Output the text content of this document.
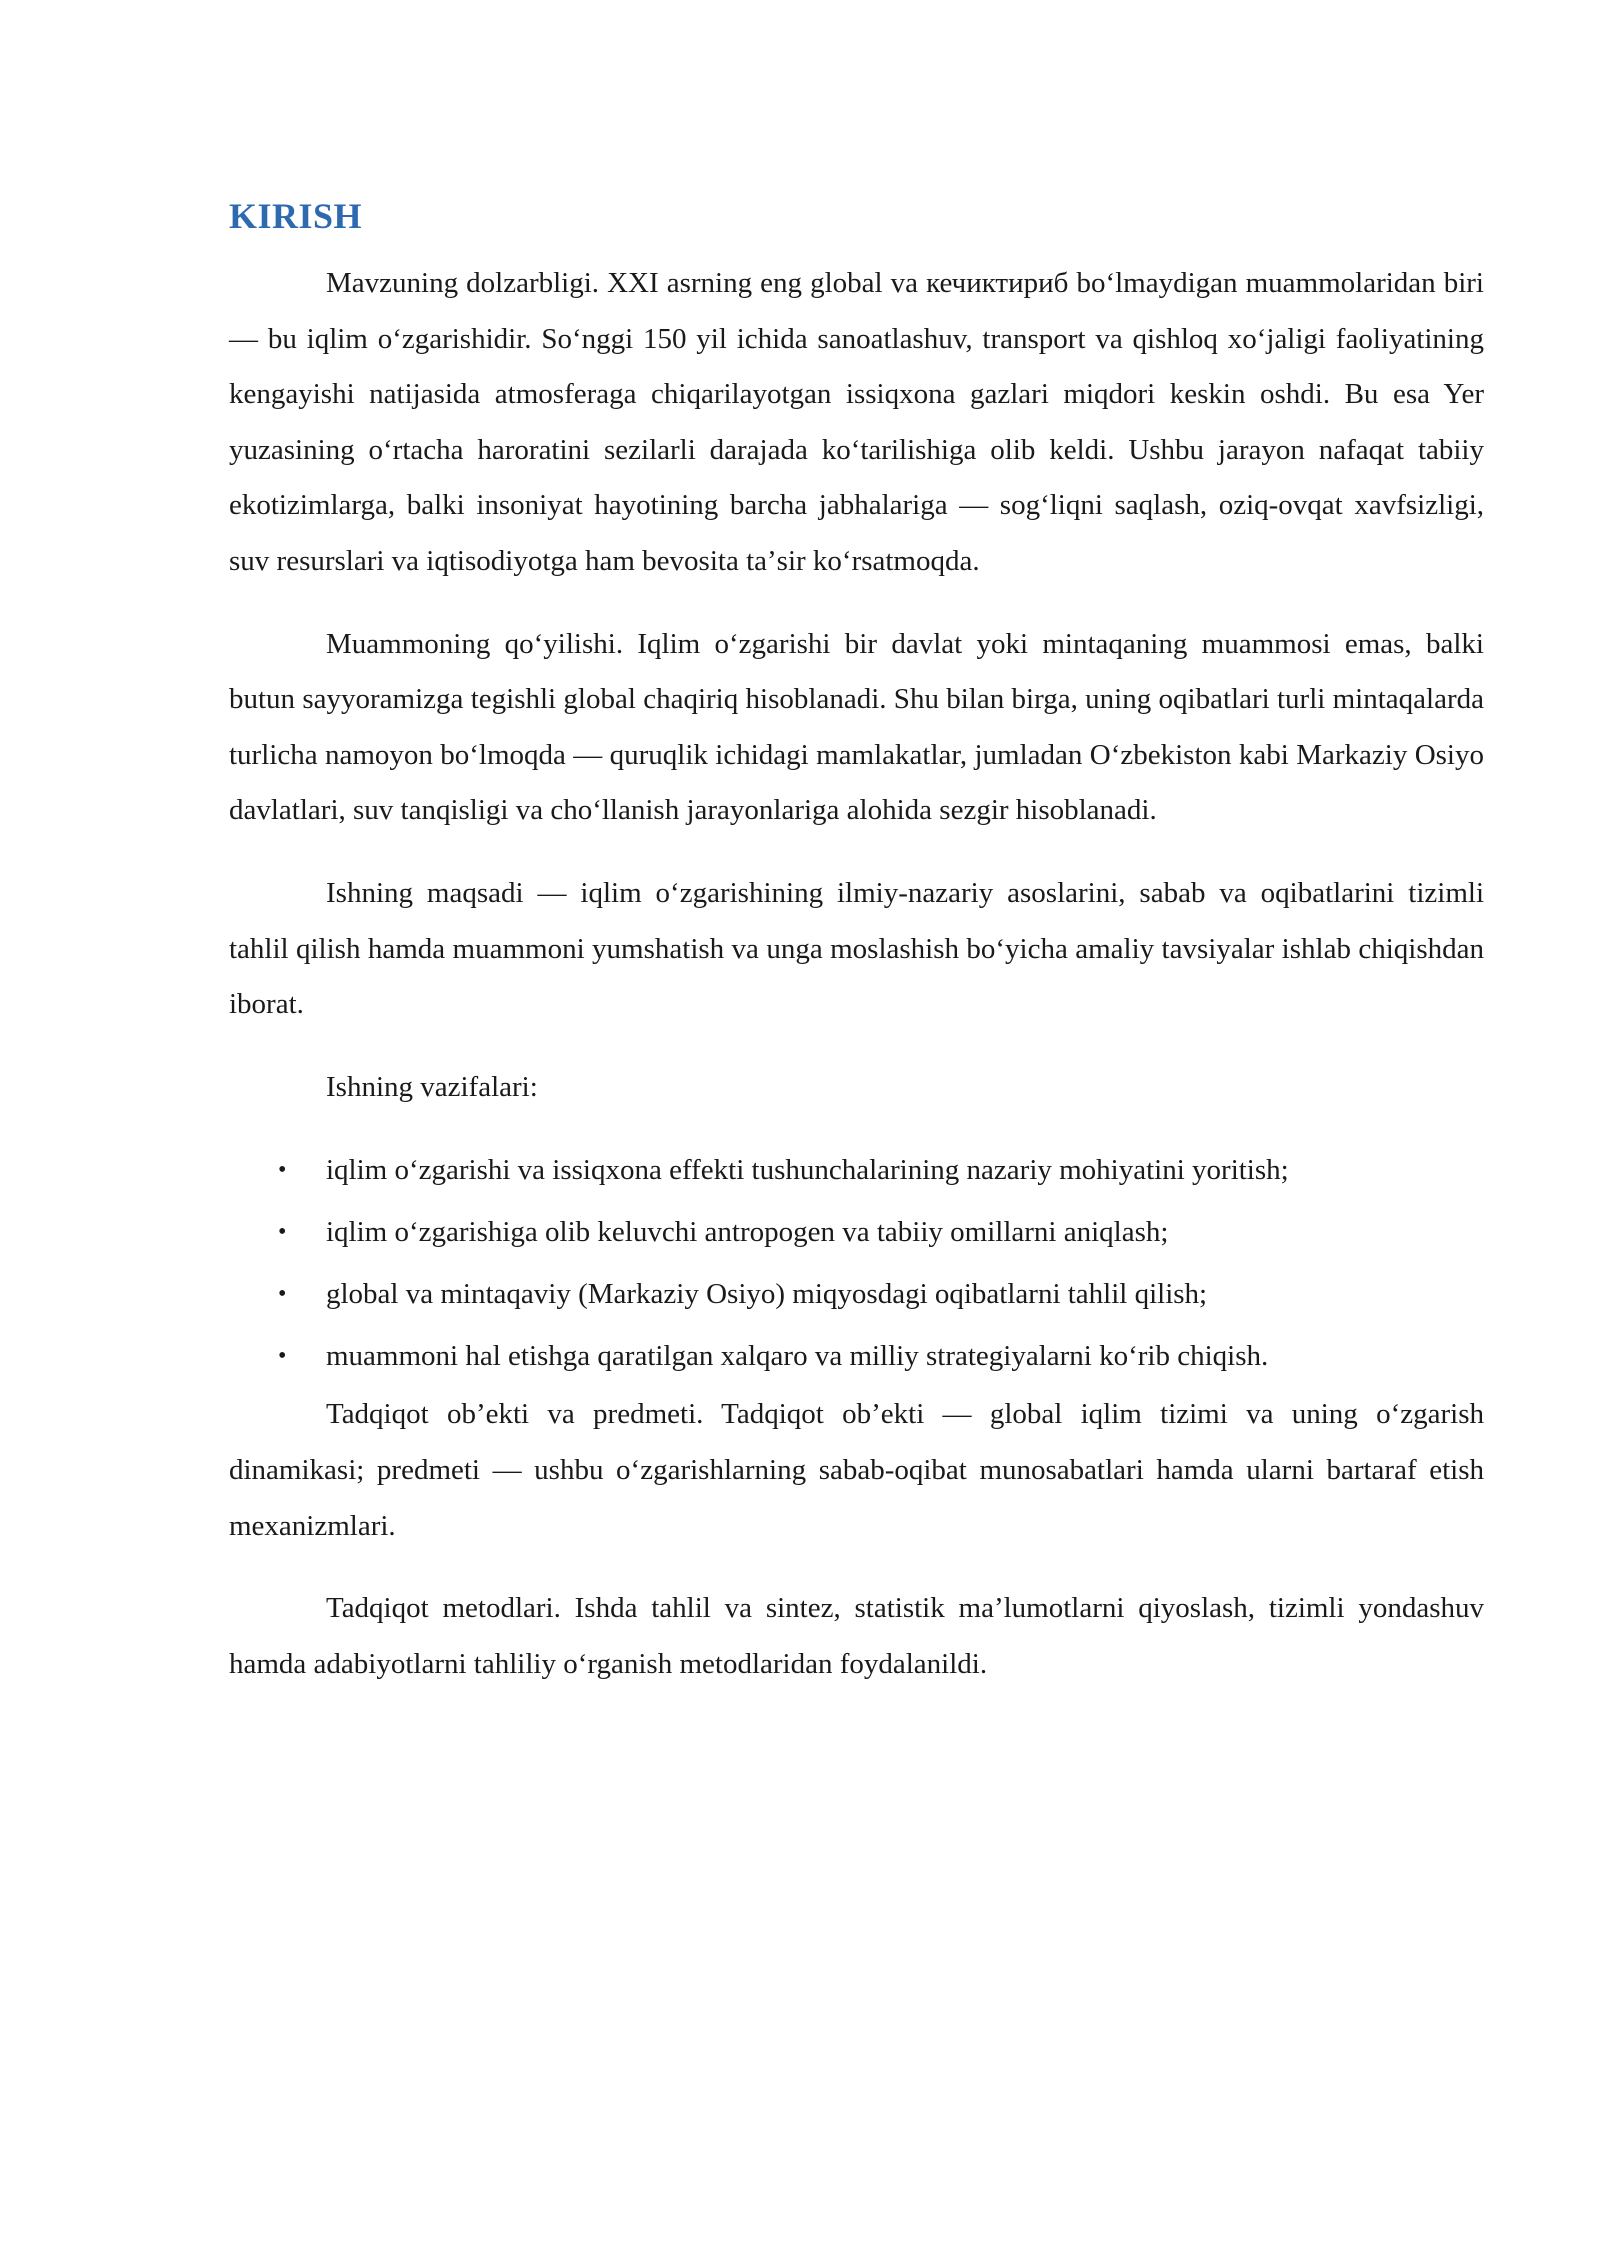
KIRISH

Mavzuning dolzarbligi. XXI asrning eng global va кечиктириб boʻlmaydigan muammolaridan biri — bu iqlim oʻzgarishidir. Soʻnggi 150 yil ichida sanoatlashuv, transport va qishloq xoʻjaligi faoliyatining kengayishi natijasida atmosferaga chiqarilayotgan issiqxona gazlari miqdori keskin oshdi. Bu esa Yer yuzasining oʻrtacha haroratini sezilarli darajada koʻtarilishiga olib keldi. Ushbu jarayon nafaqat tabiiy ekotizimlarga, balki insoniyat hayotining barcha jabhalariga — sogʻliqni saqlash, oziq-ovqat xavfsizligi, suv resurslari va iqtisodiyotga ham bevosita taʼsir koʻrsatmoqda.

Muammoning qoʻyilishi. Iqlim oʻzgarishi bir davlat yoki mintaqaning muammosi emas, balki butun sayyoramizga tegishli global chaqiriq hisoblanadi. Shu bilan birga, uning oqibatlari turli mintaqalarda turlicha namoyon boʻlmoqda — quruqlik ichidagi mamlakatlar, jumladan Oʻzbekiston kabi Markaziy Osiyo davlatlari, suv tanqisligi va choʻllanish jarayonlariga alohida sezgir hisoblanadi.

Ishning maqsadi — iqlim oʻzgarishining ilmiy-nazariy asoslarini, sabab va oqibatlarini tizimli tahlil qilish hamda muammoni yumshatish va unga moslashish boʻyicha amaliy tavsiyalar ishlab chiqishdan iborat.

Ishning vazifalari:

• iqlim oʻzgarishi va issiqxona effekti tushunchalarining nazariy mohiyatini yoritish;
• iqlim oʻzgarishiga olib keluvchi antropogen va tabiiy omillarni aniqlash;
• global va mintaqaviy (Markaziy Osiyo) miqyosdagi oqibatlarni tahlil qilish;
• muammoni hal etishga qaratilgan xalqaro va milliy strategiyalarni koʻrib chiqish.

Tadqiqot obʼekti va predmeti. Tadqiqot obʼekti — global iqlim tizimi va uning oʻzgarish dinamikasi; predmeti — ushbu oʻzgarishlarning sabab-oqibat munosabatlari hamda ularni bartaraf etish mexanizmlari.

Tadqiqot metodlari. Ishda tahlil va sintez, statistik maʼlumotlarni qiyoslash, tizimli yondashuv hamda adabiyotlarni tahliliy oʻrganish metodlaridan foydalanildi.
